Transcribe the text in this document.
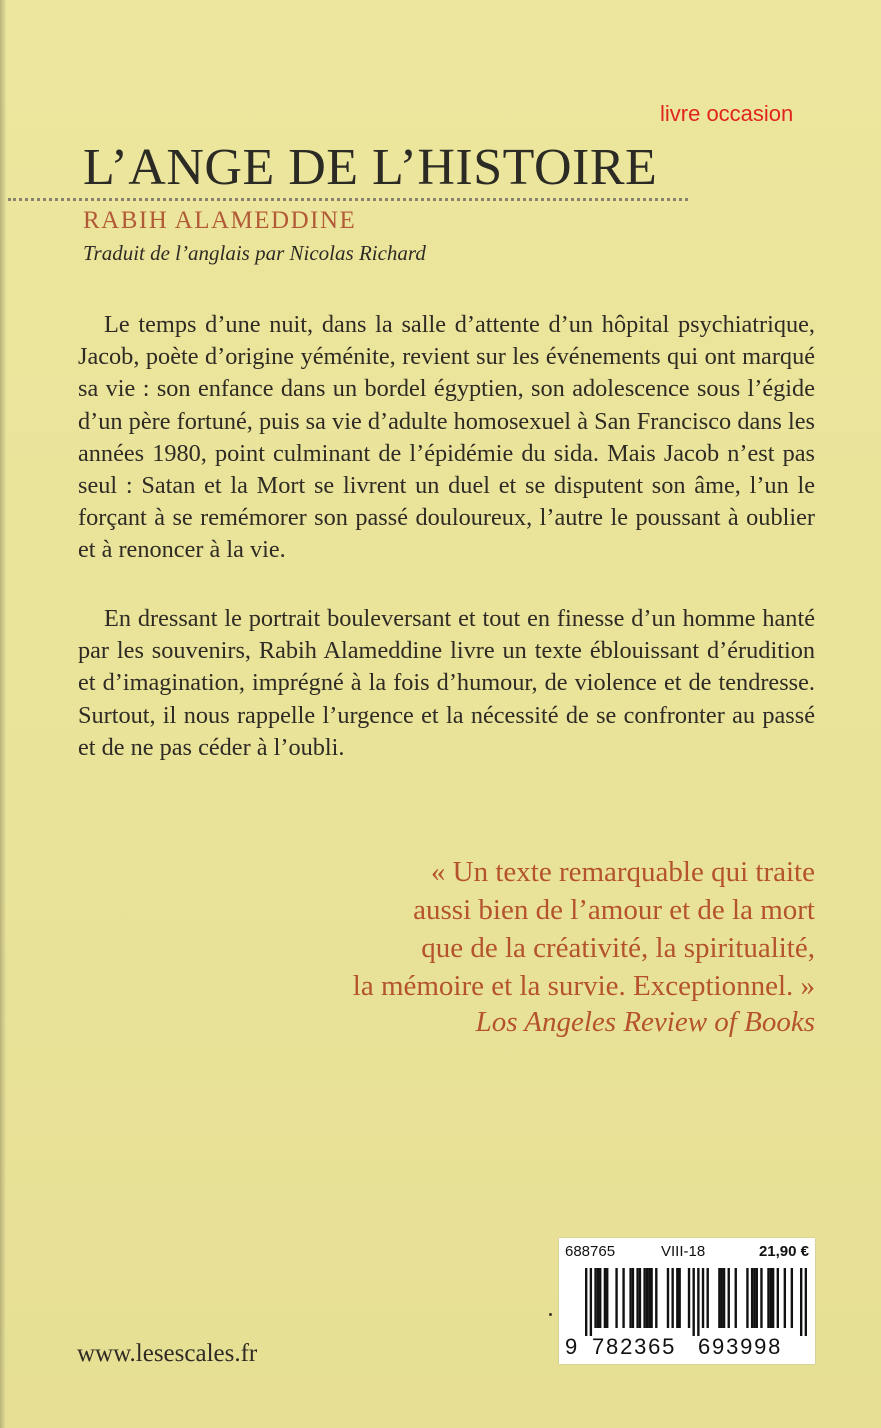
livre occasion
L’ANGE DE L’HISTOIRE
RABIH ALAMEDDINE
Traduit de l’anglais par Nicolas Richard

Le temps d’une nuit, dans la salle d’attente d’un hôpital psychiatrique, Jacob, poète d’origine yéménite, revient sur les événements qui ont marqué sa vie : son enfance dans un bordel égyptien, son adolescence sous l’égide d’un père fortuné, puis sa vie d’adulte homosexuel à San Francisco dans les années 1980, point culminant de l’épidémie du sida. Mais Jacob n’est pas seul : Satan et la Mort se livrent un duel et se disputent son âme, l’un le forçant à se remémorer son passé douloureux, l’autre le poussant à oublier et à renoncer à la vie.

En dressant le portrait bouleversant et tout en finesse d’un homme hanté par les souvenirs, Rabih Alameddine livre un texte éblouissant d’érudition et d’imagination, imprégné à la fois d’humour, de violence et de tendresse. Surtout, il nous rappelle l’urgence et la nécessité de se confronter au passé et de ne pas céder à l’oubli.

« Un texte remarquable qui traite
aussi bien de l’amour et de la mort
que de la créativité, la spiritualité,
la mémoire et la survie. Exceptionnel. »
Los Angeles Review of Books
www.lesescales.fr
688765	VIII-18	21,90 €
9 782365 693998
